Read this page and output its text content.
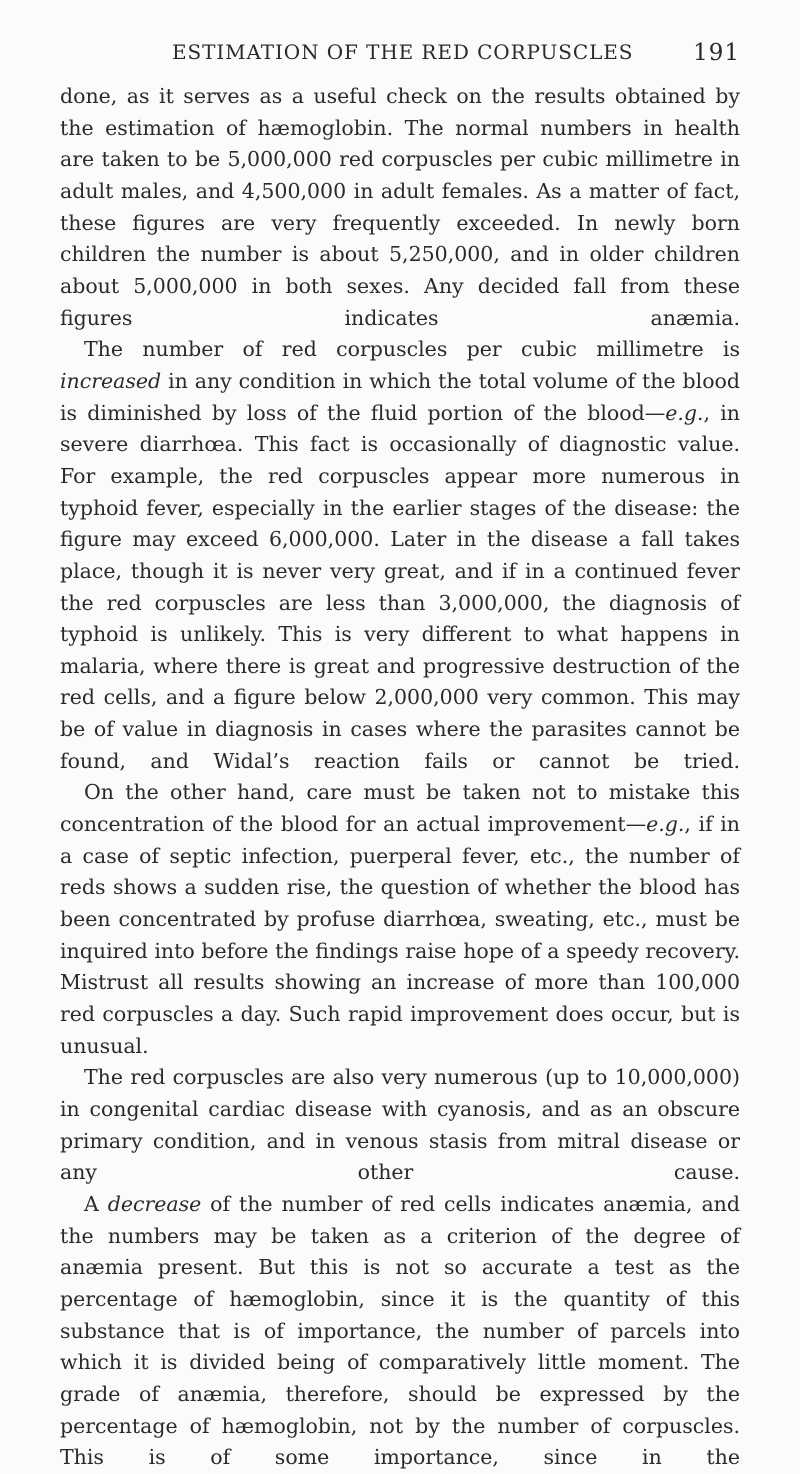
ESTIMATION OF THE RED CORPUSCLES	191

done, as it serves as a useful check on the results obtained by the estimation of hæmoglobin. The normal numbers in health are taken to be 5,000,000 red corpuscles per cubic millimetre in adult males, and 4,500,000 in adult females. As a matter of fact, these figures are very frequently exceeded. In newly born children the number is about 5,250,000, and in older children about 5,000,000 in both sexes. Any decided fall from these figures indicates anæmia.

The number of red corpuscles per cubic millimetre is increased in any condition in which the total volume of the blood is diminished by loss of the fluid portion of the blood—e.g., in severe diarrhœa. This fact is occasionally of diagnostic value. For example, the red corpuscles appear more numerous in typhoid fever, especially in the earlier stages of the disease: the figure may exceed 6,000,000. Later in the disease a fall takes place, though it is never very great, and if in a continued fever the red corpuscles are less than 3,000,000, the diagnosis of typhoid is unlikely. This is very different to what happens in malaria, where there is great and progressive destruction of the red cells, and a figure below 2,000,000 very common. This may be of value in diagnosis in cases where the parasites cannot be found, and Widal’s reaction fails or cannot be tried.

On the other hand, care must be taken not to mistake this concentration of the blood for an actual improvement—e.g., if in a case of septic infection, puerperal fever, etc., the number of reds shows a sudden rise, the question of whether the blood has been concentrated by profuse diarrhœa, sweating, etc., must be inquired into before the findings raise hope of a speedy recovery. Mistrust all results showing an increase of more than 100,000 red corpuscles a day. Such rapid improvement does occur, but is unusual.

The red corpuscles are also very numerous (up to 10,000,000) in congenital cardiac disease with cyanosis, and as an obscure primary condition, and in venous stasis from mitral disease or any other cause.

A decrease of the number of red cells indicates anæmia, and the numbers may be taken as a criterion of the degree of anæmia present. But this is not so accurate a test as the percentage of hæmoglobin, since it is the quantity of this substance that is of importance, the number of parcels into which it is divided being of comparatively little moment. The grade of anæmia, therefore, should be expressed by the percentage of hæmoglobin, not by the number of corpuscles. This is of some importance, since in the
